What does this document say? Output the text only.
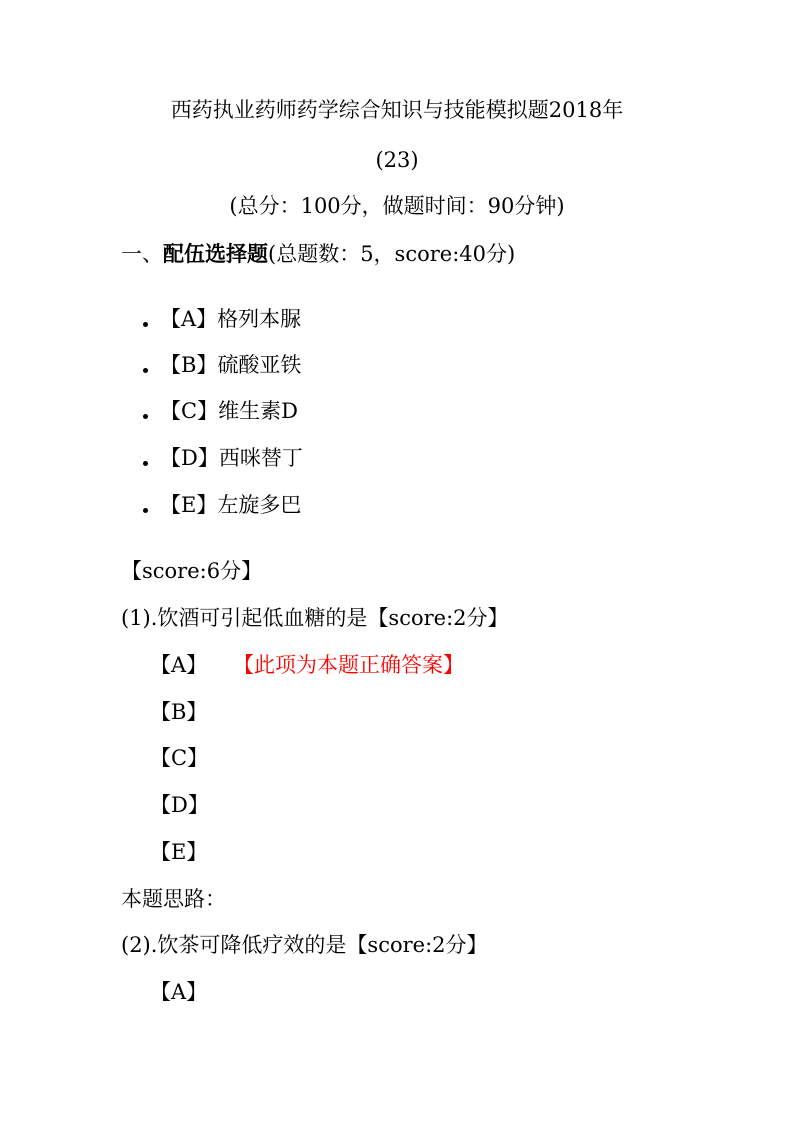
西药执业药师药学综合知识与技能模拟题2018年
(23)
(总分：100分，做题时间：90分钟)
一、配伍选择题(总题数：5，score:40分)
【A】格列本脲
【B】硫酸亚铁
【C】维生素D
【D】西咪替丁
【E】左旋多巴
【score:6分】
(1).饮酒可引起低血糖的是【score:2分】
【A】 【此项为本题正确答案】
【B】
【C】
【D】
【E】
本题思路：
(2).饮茶可降低疗效的是【score:2分】
【A】
